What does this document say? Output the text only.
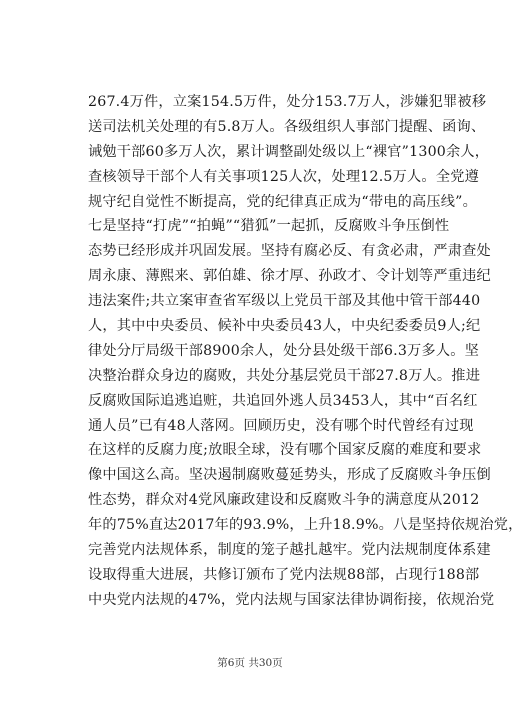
267.4万件，立案154.5万件，处分153.7万人，涉嫌犯罪被移
送司法机关处理的有5.8万人。各级组织人事部门提醒、函询、
诫勉干部60多万人次，累计调整副处级以上“裸官”1300余人，
查核领导干部个人有关事项125人次，处理12.5万人。全党遵
规守纪自觉性不断提高，党的纪律真正成为“带电的高压线”。
七是坚持“打虎”“拍蝇”“猎狐”一起抓，反腐败斗争压倒性
态势已经形成并巩固发展。坚持有腐必反、有贪必肃，严肃查处
周永康、薄熙来、郭伯雄、徐才厚、孙政才、令计划等严重违纪
违法案件;共立案审查省军级以上党员干部及其他中管干部440
人，其中中央委员、候补中央委员43人，中央纪委委员9人;纪
律处分厅局级干部8900余人，处分县处级干部6.3万多人。坚
决整治群众身边的腐败，共处分基层党员干部27.8万人。推进
反腐败国际追逃追赃，共追回外逃人员3453人，其中“百名红
通人员”已有48人落网。回顾历史，没有哪个时代曾经有过现
在这样的反腐力度;放眼全球，没有哪个国家反腐的难度和要求
像中国这么高。坚决遏制腐败蔓延势头，形成了反腐败斗争压倒
性态势，群众对4党风廉政建设和反腐败斗争的满意度从2012
年的75%直达2017年的93.9%，上升18.9%。八是坚持依规治党，
完善党内法规体系，制度的笼子越扎越牢。党内法规制度体系建
设取得重大进展，共修订颁布了党内法规88部，占现行188部
中央党内法规的47%，党内法规与国家法律协调衔接，依规治党
第6页 共30页
